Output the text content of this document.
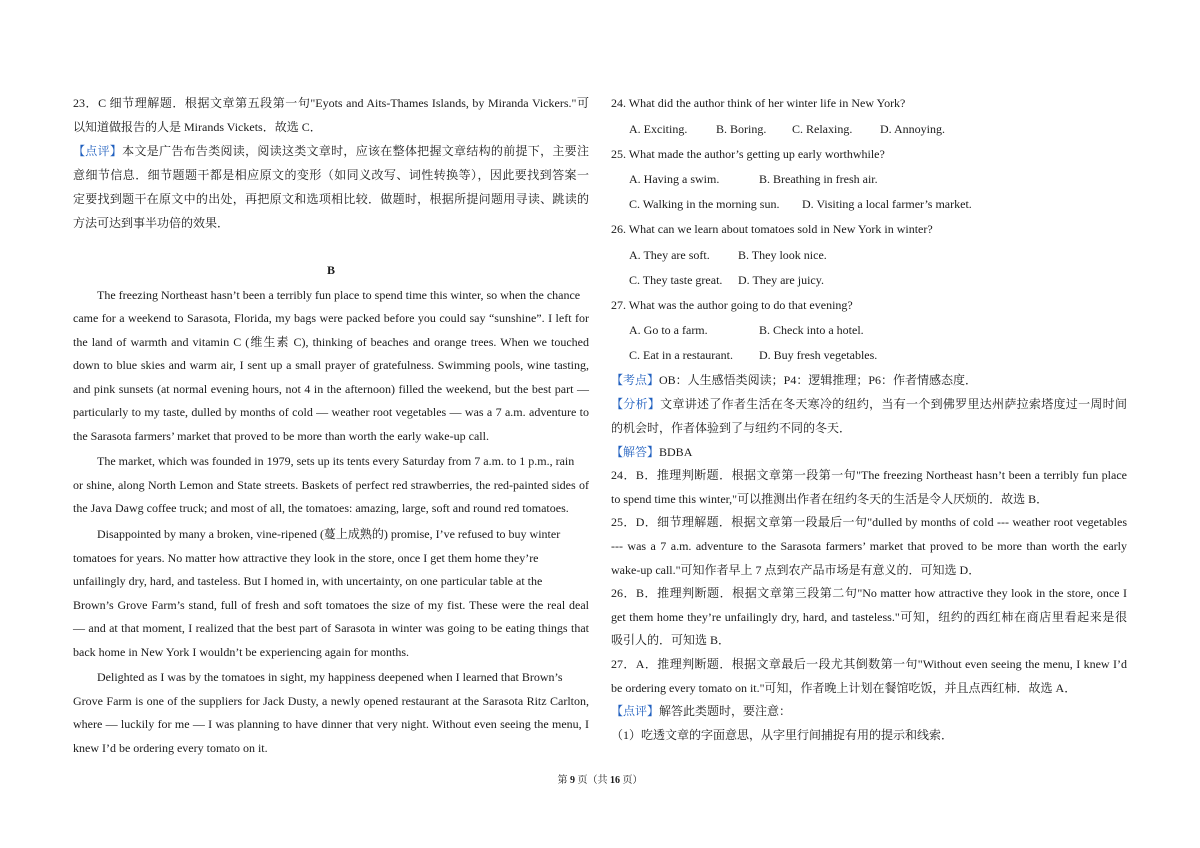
23．C 细节理解题．根据文章第五段第一句"Eyots and Aits-Thames Islands, by Miranda Vickers."可
以知道做报告的人是 Mirands Vickets．故选 C．
【点评】本文是广告布告类阅读，阅读这类文章时，应该在整体把握文章结构的前提下，主要注
意细节信息．细节题题干都是相应原文的变形（如同义改写、词性转换等），因此要找到答案一
定要找到题干在原文中的出处，再把原文和选项相比较．做题时，根据所提问题用寻读、跳读的
方法可达到事半功倍的效果．
B
The freezing Northeast hasn’t been a terribly fun place to spend time this winter, so when the chance
came for a weekend to Sarasota, Florida, my bags were packed before you could say “sunshine”. I left for
the land of warmth and vitamin C (维生素 C), thinking of beaches and orange trees. When we touched
down to blue skies and warm air, I sent up a small prayer of gratefulness. Swimming pools, wine tasting,
and pink sunsets (at normal evening hours, not 4 in the afternoon) filled the weekend, but the best part —
particularly to my taste, dulled by months of cold — weather root vegetables — was a 7 a.m. adventure to
the Sarasota farmers’ market that proved to be more than worth the early wake-up call.
The market, which was founded in 1979, sets up its tents every Saturday from 7 a.m. to 1 p.m., rain
or shine, along North Lemon and State streets. Baskets of perfect red strawberries, the red-painted sides of
the Java Dawg coffee truck; and most of all, the tomatoes: amazing, large, soft and round red tomatoes.
Disappointed by many a broken, vine-ripened (蔓上成熟的) promise, I’ve refused to buy winter
tomatoes for years. No matter how attractive they look in the store, once I get them home they’re
unfailingly dry, hard, and tasteless. But I homed in, with uncertainty, on one particular table at the
Brown’s Grove Farm’s stand, full of fresh and soft tomatoes the size of my fist. These were the real deal
— and at that moment, I realized that the best part of Sarasota in winter was going to be eating things that
back home in New York I wouldn’t be experiencing again for months.
Delighted as I was by the tomatoes in sight, my happiness deepened when I learned that Brown’s
Grove Farm is one of the suppliers for Jack Dusty, a newly opened restaurant at the Sarasota Ritz Carlton,
where — luckily for me — I was planning to have dinner that very night. Without even seeing the menu, I
knew I’d be ordering every tomato on it.
24. What did the author think of her winter life in New York?
A. Exciting. B. Boring. C. Relaxing. D. Annoying.
25. What made the author’s getting up early worthwhile?
A. Having a swim.	B. Breathing in fresh air.
C. Walking in the morning sun. D. Visiting a local farmer’s market.
26. What can we learn about tomatoes sold in New York in winter?
A. They are soft. B. They look nice.
C. They taste great. D. They are juicy.
27. What was the author going to do that evening?
A. Go to a farm.	B. Check into a hotel.
C. Eat in a restaurant. D. Buy fresh vegetables.
【考点】OB：人生感悟类阅读；P4：逻辑推理；P6：作者情感态度．
【分析】文章讲述了作者生活在冬天寒冷的纽约，当有一个到佛罗里达州萨拉索塔度过一周时间
的机会时，作者体验到了与纽约不同的冬天．
【解答】BDBA
24．B．推理判断题．根据文章第一段第一句"The freezing Northeast hasn’t been a terribly fun place
to spend time this winter,"可以推测出作者在纽约冬天的生活是令人厌烦的．故选 B．
25．D．细节理解题．根据文章第一段最后一句"dulled by months of cold --- weather root vegetables
--- was a 7 a.m. adventure to the Sarasota farmers’ market that proved to be more than worth the early
wake-up call."可知作者早上 7 点到农产品市场是有意义的．可知选 D．
26．B．推理判断题．根据文章第三段第二句"No matter how attractive they look in the store, once I
get them home they’re unfailingly dry, hard, and tasteless."可知，纽约的西红柿在商店里看起来是很
吸引人的．可知选 B．
27．A．推理判断题．根据文章最后一段尤其倒数第一句"Without even seeing the menu, I knew I’d
be ordering every tomato on it."可知，作者晚上计划在餐馆吃饭，并且点西红柿．故选 A．
【点评】解答此类题时，要注意：
（1）吃透文章的字面意思，从字里行间捕捉有用的提示和线索．
第 9 页（共 16 页）
